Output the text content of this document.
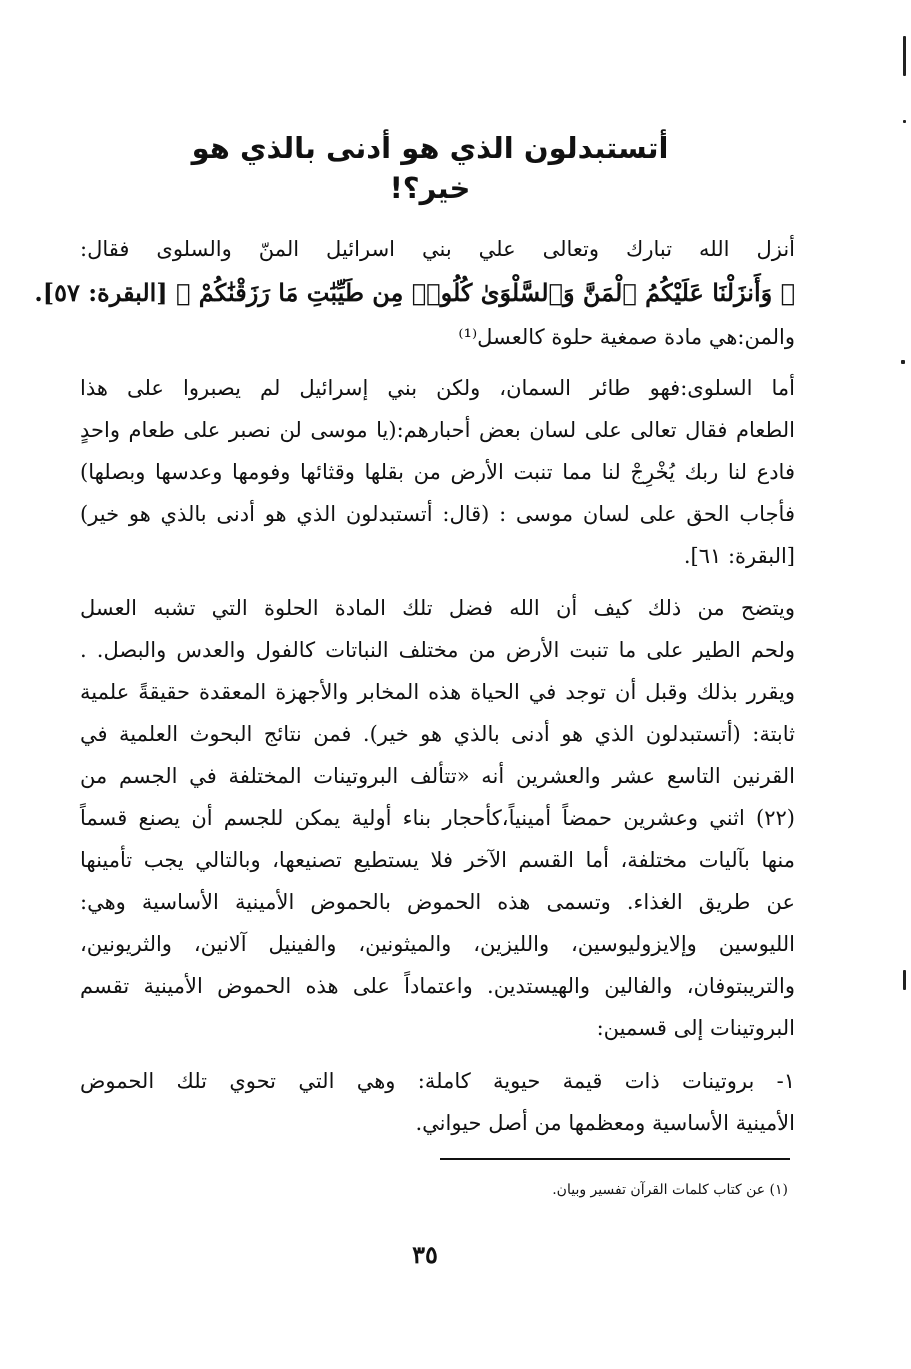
أتستبدلون الذي هو أدنى بالذي هو خير؟!
أنزل الله تبارك وتعالى علي بني اسرائيل المنّ والسلوى فقال:
﴿ وَأَنزَلْنَا عَلَيْكُمُ ٱلْمَنَّ وَٱلسَّلْوَىٰ كُلُوا۟ مِن طَيِّبَٰتِ مَا رَزَقْنَٰكُمْ ﴾ [البقرة: ٥٧].
والمن:هي مادة صمغية حلوة كالعسل⁽¹⁾
أما السلوى:فهو طائر السمان، ولكن بني إسرائيل لم يصبروا على هذا
الطعام فقال تعالى على لسان بعض أحبارهم:(يا موسى لن نصبر على طعام واحدٍ
فادع لنا ربك يُخْرِجْ لنا مما تنبت الأرض من بقلها وقثائها وفومها وعدسها وبصلها)
فأجاب الحق على لسان موسى : (قال: أتستبدلون الذي هو أدنى بالذي هو خير)
[البقرة: ٦١].
ويتضح من ذلك كيف أن الله فضل تلك المادة الحلوة التي تشبه العسل
ولحم الطير على ما تنبت الأرض من مختلف النباتات كالفول والعدس والبصل. .
ويقرر بذلك وقبل أن توجد في الحياة هذه المخابر والأجهزة المعقدة حقيقةً علمية
ثابتة: (أتستبدلون الذي هو أدنى بالذي هو خير). فمن نتائج البحوث العلمية في
القرنين التاسع عشر والعشرين أنه «تتألف البروتينات المختلفة في الجسم من
(٢٢) اثني وعشرين حمضاً أمينياً،كأحجار بناء أولية يمكن للجسم أن يصنع قسماً
منها بآليات مختلفة، أما القسم الآخر فلا يستطيع تصنيعها، وبالتالي يجب تأمينها
عن طريق الغذاء. وتسمى هذه الحموض بالحموض الأمينية الأساسية وهي:
الليوسين وإلايزوليوسين، والليزين، والميثونين، والفينيل آلانين، والثريونين،
والتريبتوفان، والفالين والهيستدين. واعتماداً على هذه الحموض الأمينية تقسم
البروتينات إلى قسمين:
١- بروتينات ذات قيمة حيوية كاملة: وهي التي تحوي تلك الحموض
الأمينية الأساسية ومعظمها من أصل حيواني.
(١) عن كتاب كلمات القرآن تفسير وبيان.
٣٥
